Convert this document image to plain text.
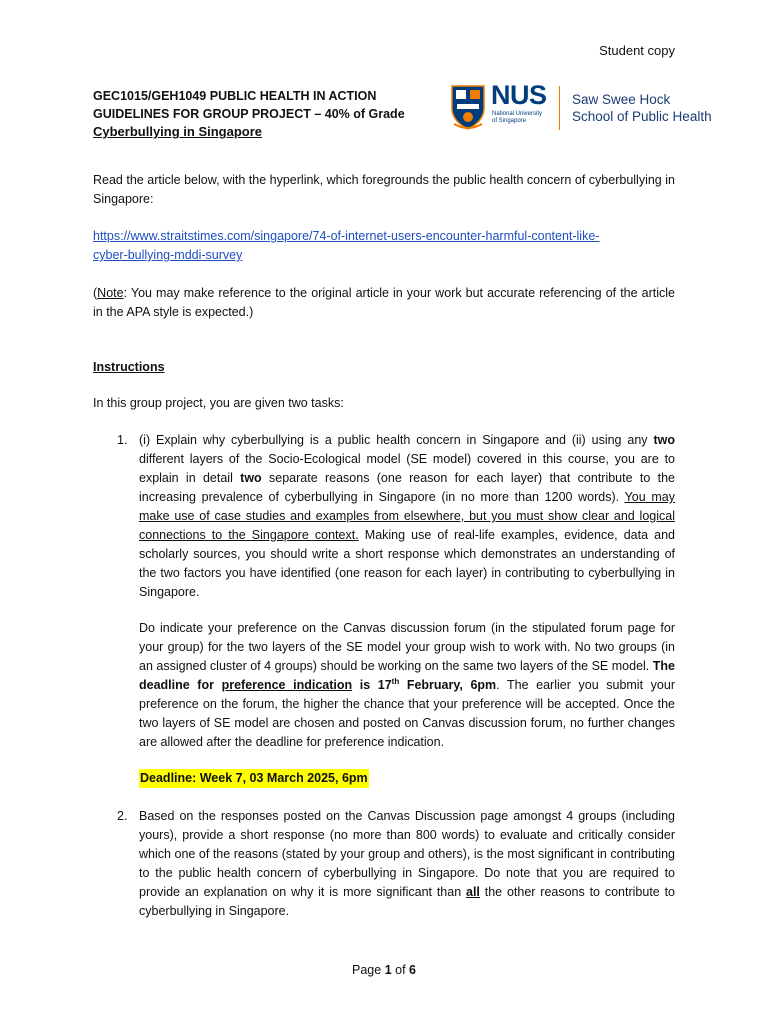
Student copy
GEC1015/GEH1049 PUBLIC HEALTH IN ACTION
GUIDELINES FOR GROUP PROJECT – 40% of Grade
Cyberbullying in Singapore
NUS
National University
of Singapore
Saw Swee Hock
School of Public Health
Read the article below, with the hyperlink, which foregrounds the public health concern of cyberbullying in Singapore:
https://www.straitstimes.com/singapore/74-of-internet-users-encounter-harmful-content-like-
cyber-bullying-mddi-survey
(Note: You may make reference to the original article in your work but accurate referencing of the article in the APA style is expected.)
Instructions
In this group project, you are given two tasks:
1. (i) Explain why cyberbullying is a public health concern in Singapore and (ii) using any two different layers of the Socio-Ecological model (SE model) covered in this course, you are to explain in detail two separate reasons (one reason for each layer) that contribute to the increasing prevalence of cyberbullying in Singapore (in no more than 1200 words). You may make use of case studies and examples from elsewhere, but you must show clear and logical connections to the Singapore context. Making use of real-life examples, evidence, data and scholarly sources, you should write a short response which demonstrates an understanding of the two factors you have identified (one reason for each layer) in contributing to cyberbullying in Singapore.
Do indicate your preference on the Canvas discussion forum (in the stipulated forum page for your group) for the two layers of the SE model your group wish to work with. No two groups (in an assigned cluster of 4 groups) should be working on the same two layers of the SE model. The deadline for preference indication is 17th February, 6pm. The earlier you submit your preference on the forum, the higher the chance that your preference will be accepted. Once the two layers of SE model are chosen and posted on Canvas discussion forum, no further changes are allowed after the deadline for preference indication.
Deadline: Week 7, 03 March 2025, 6pm
2. Based on the responses posted on the Canvas Discussion page amongst 4 groups (including yours), provide a short response (no more than 800 words) to evaluate and critically consider which one of the reasons (stated by your group and others), is the most significant in contributing to the public health concern of cyberbullying in Singapore. Do note that you are required to provide an explanation on why it is more significant than all the other reasons to contribute to cyberbullying in Singapore.
Page 1 of 6
